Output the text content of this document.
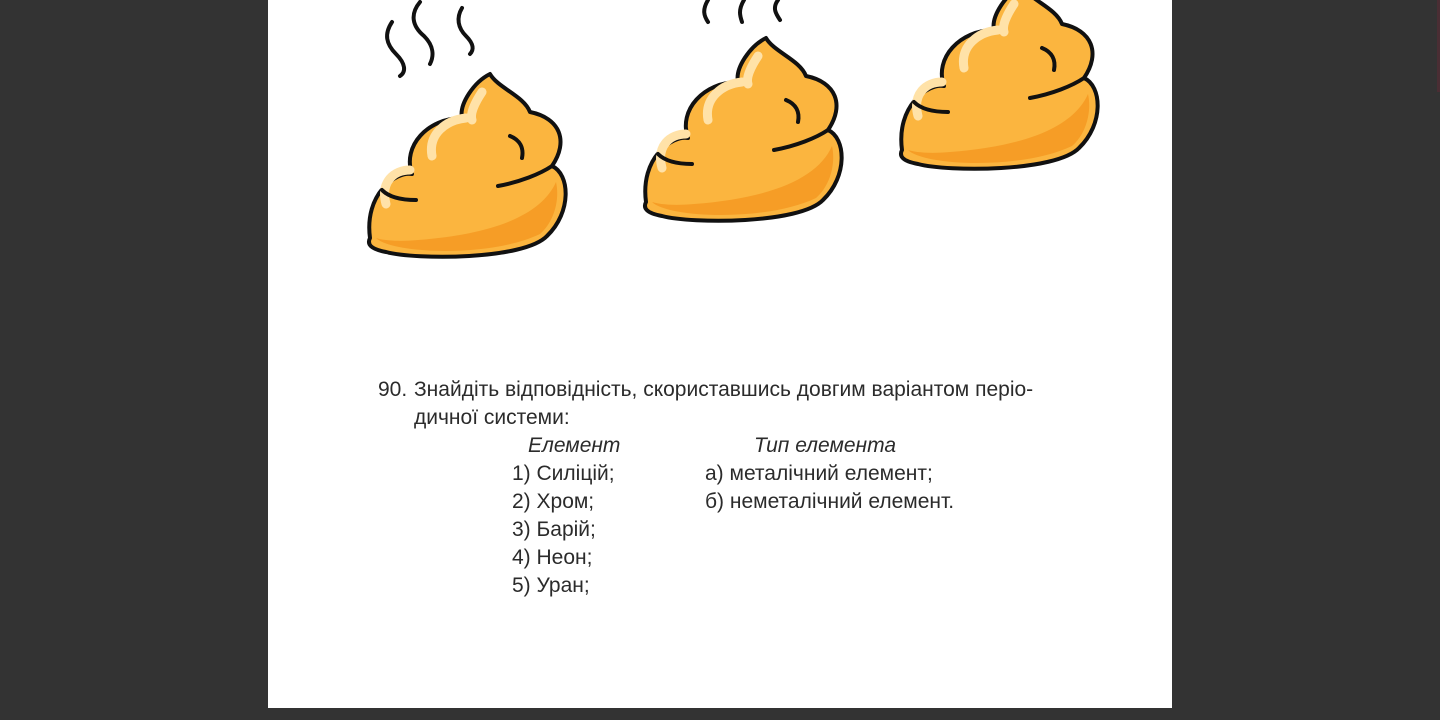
90. Знайдіть відповідність, скориставшись довгим варіантом періо-
дичної системи:
Елемент	Тип елемента
1) Силіцій;	а) металічний елемент;
2) Хром;	б) неметалічний елемент.
3) Барій;
4) Неон;
5) Уран;
